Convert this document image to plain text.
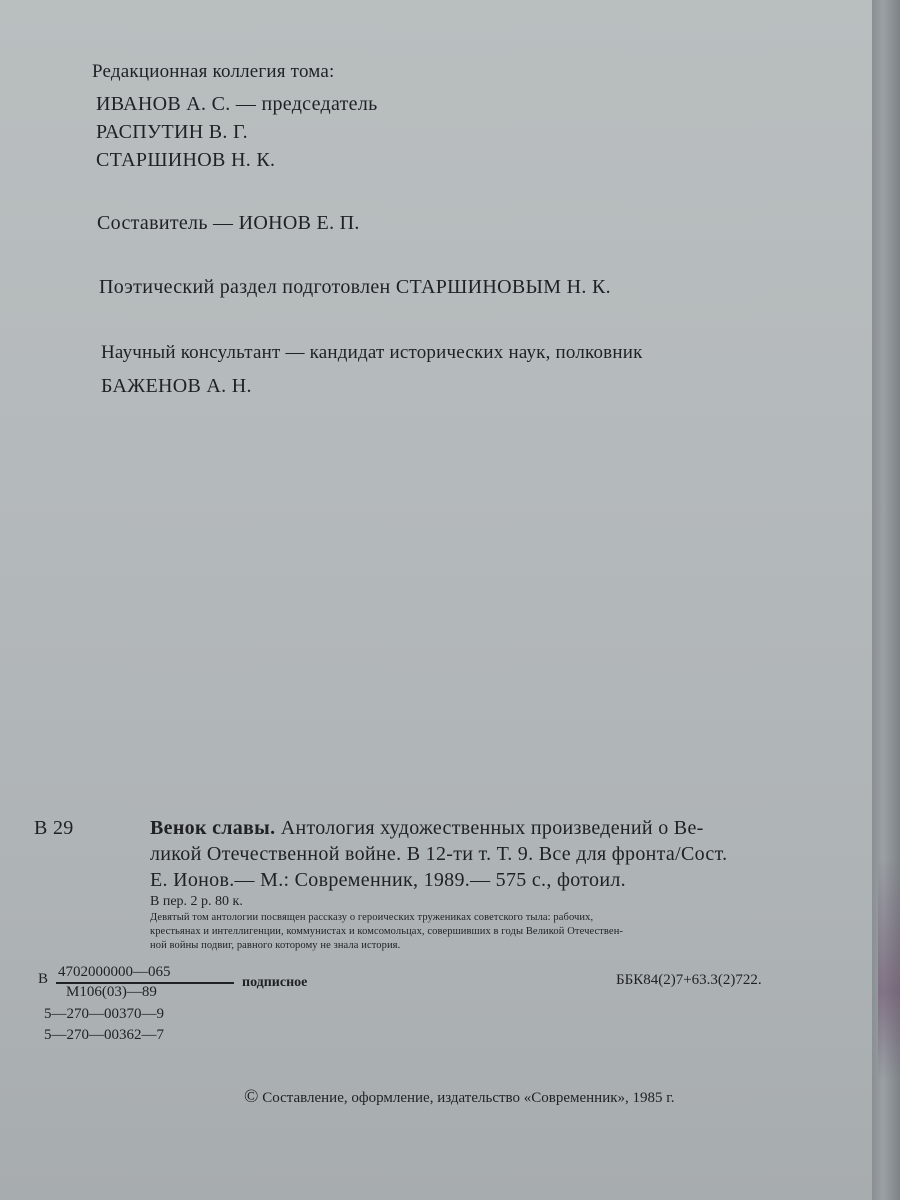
Редакционная коллегия тома:
ИВАНОВ А. С. — председатель
РАСПУТИН В. Г.
СТАРШИНОВ Н. К.
Составитель — ИОНОВ Е. П.
Поэтический раздел подготовлен СТАРШИНОВЫМ Н. К.
Научный консультант — кандидат исторических наук, полковник
БАЖЕНОВ А. Н.
В 29	Венок славы. Антология художественных произведений о Ве-
ликой Отечественной войне. В 12-ти т. Т. 9. Все для фронта/Сост.
Е. Ионов.— М.: Современник, 1989.— 575 с., фотоил.
В пер. 2 р. 80 к.
Девятый том антологии посвящен рассказу о героических тружениках советского тыла: рабочих,
крестьянах и интеллигенции, коммунистах и комсомольцах, совершивших в годы Великой Отечествен-
ной войны подвиг, равного которому не знала история.
В 4702000000—065
М106(03)—89
подписное	ББК84(2)7+63.3(2)722.
5—270—00370—9
5—270—00362—7
© Составление, оформление, издательство «Современник», 1985 г.
